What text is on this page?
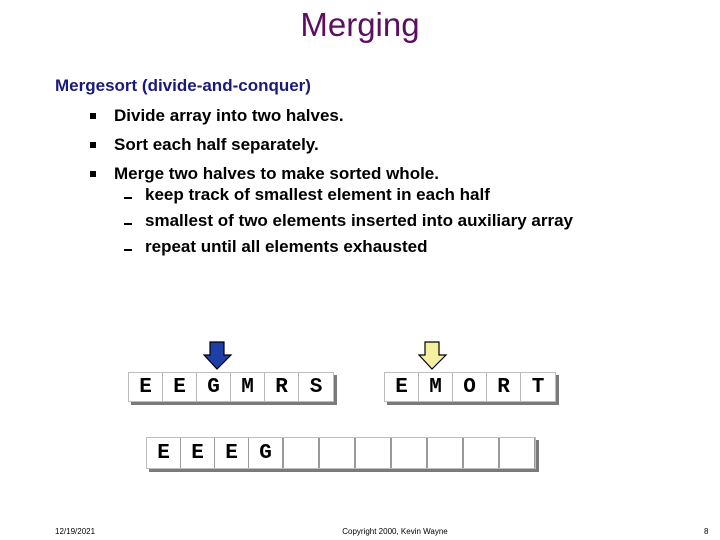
Merging
Mergesort (divide-and-conquer)
Divide array into two halves.
Sort each half separately.
Merge two halves to make sorted whole.
keep track of smallest element in each half
smallest of two elements inserted into auxiliary array
repeat until all elements exhausted
E	E	G	M	R	S	E	M	O	R	T
E	E	E	G
12/19/2021	Copyright 2000, Kevin Wayne	8
